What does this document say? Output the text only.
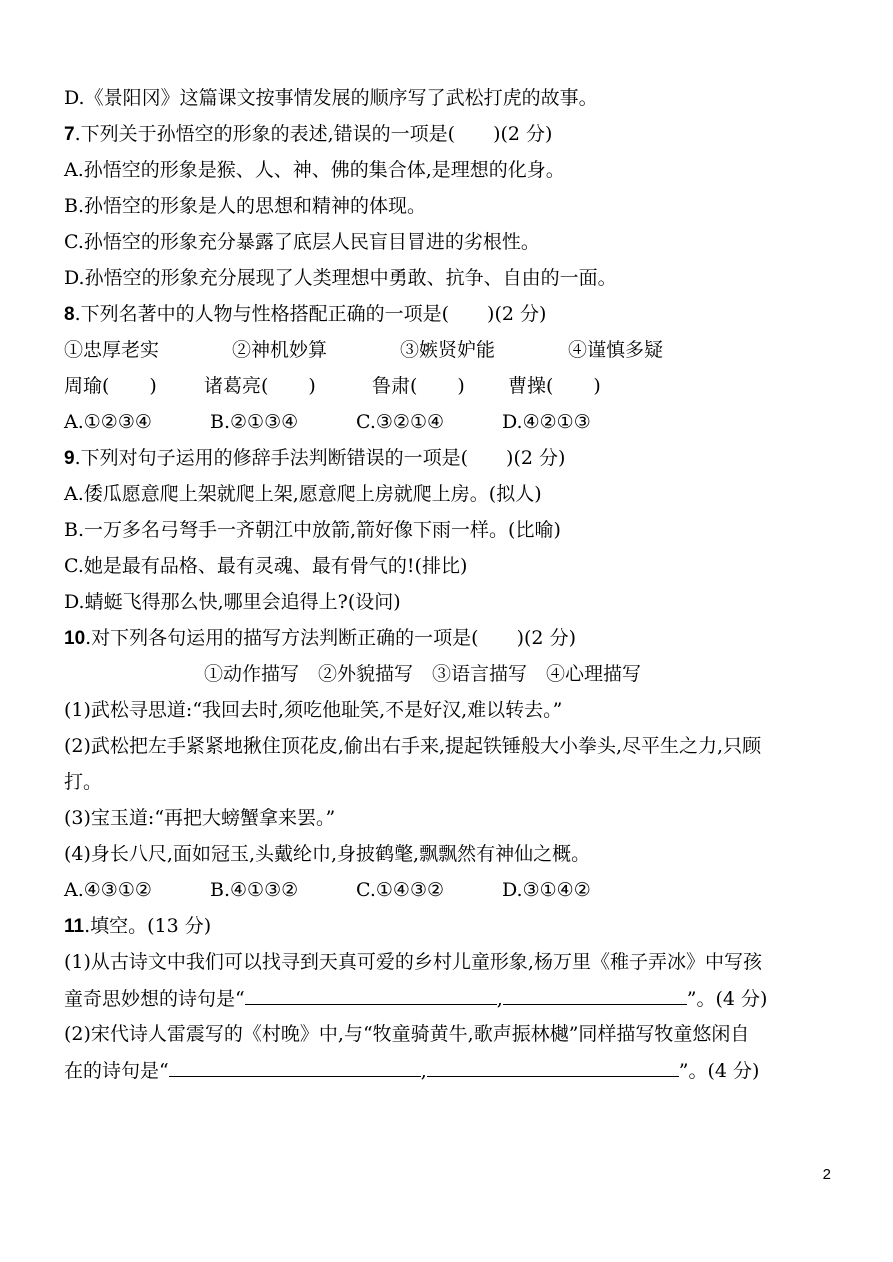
D.《景阳冈》这篇课文按事情发展的顺序写了武松打虎的故事。
7.下列关于孙悟空的形象的表述,错误的一项是( )(2 分)
A.孙悟空的形象是猴、人、神、佛的集合体,是理想的化身。
B.孙悟空的形象是人的思想和精神的体现。
C.孙悟空的形象充分暴露了底层人民盲目冒进的劣根性。
D.孙悟空的形象充分展现了人类理想中勇敢、抗争、自由的一面。
8.下列名著中的人物与性格搭配正确的一项是( )(2 分)
①忠厚老实	②神机妙算	③嫉贤妒能	④谨慎多疑
周瑜( ) 诸葛亮( )	鲁肃( ) 曹操( )
A.①②③④	B.②①③④	C.③②①④	D.④②①③
9.下列对句子运用的修辞手法判断错误的一项是( )(2 分)
A.倭瓜愿意爬上架就爬上架,愿意爬上房就爬上房。(拟人)
B.一万多名弓弩手一齐朝江中放箭,箭好像下雨一样。(比喻)
C.她是最有品格、最有灵魂、最有骨气的!(排比)
D.蜻蜓飞得那么快,哪里会追得上?(设问)
10.对下列各句运用的描写方法判断正确的一项是( )(2 分)
①动作描写　②外貌描写　③语言描写　④心理描写
(1)武松寻思道:“我回去时,须吃他耻笑,不是好汉,难以转去。”
(2)武松把左手紧紧地揪住顶花皮,偷出右手来,提起铁锤般大小拳头,尽平生之力,只顾
打。
(3)宝玉道:“再把大螃蟹拿来罢。”
(4)身长八尺,面如冠玉,头戴纶巾,身披鹤氅,飘飘然有神仙之概。
A.④③①②	B.④①③②	C.①④③②	D.③①④②
11.填空。(13 分)
(1)从古诗文中我们可以找寻到天真可爱的乡村儿童形象,杨万里《稚子弄冰》中写孩
童奇思妙想的诗句是“	,	”。(4 分)
(2)宋代诗人雷震写的《村晚》中,与“牧童骑黄牛,歌声振林樾”同样描写牧童悠闲自
在的诗句是“	,	”。(4 分)
2
